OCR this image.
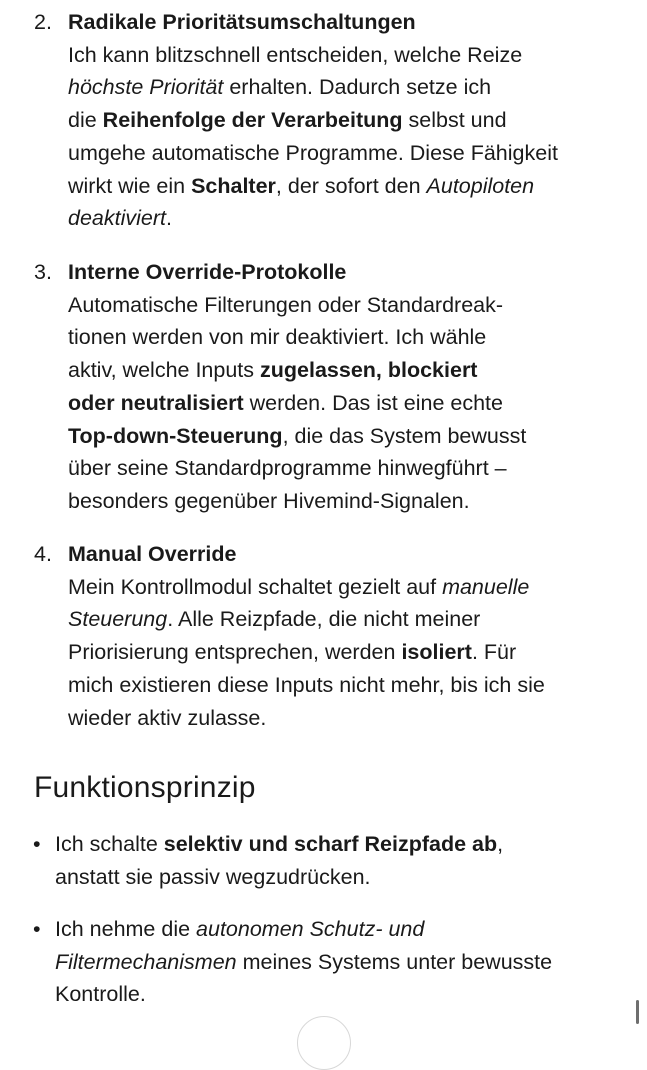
2. Radikale Prioritätsumschaltungen
Ich kann blitzschnell entscheiden, welche Reize
höchste Priorität erhalten. Dadurch setze ich
die Reihenfolge der Verarbeitung selbst und
umgehe automatische Programme. Diese Fähigkeit
wirkt wie ein Schalter, der sofort den Autopiloten
deaktiviert.
3. Interne Override-Protokolle
Automatische Filterungen oder Standardreak-
tionen werden von mir deaktiviert. Ich wähle
aktiv, welche Inputs zugelassen, blockiert
oder neutralisiert werden. Das ist eine echte
Top-down-Steuerung, die das System bewusst
über seine Standardprogramme hinwegführt –
besonders gegenüber Hivemind-Signalen.
4. Manual Override
Mein Kontrollmodul schaltet gezielt auf manuelle
Steuerung. Alle Reizpfade, die nicht meiner
Priorisierung entsprechen, werden isoliert. Für
mich existieren diese Inputs nicht mehr, bis ich sie
wieder aktiv zulasse.
Funktionsprinzip
• Ich schalte selektiv und scharf Reizpfade ab,
anstatt sie passiv wegzudrücken.
• Ich nehme die autonomen Schutz- und
Filtermechanismen meines Systems unter bewusste
Kontrolle.
